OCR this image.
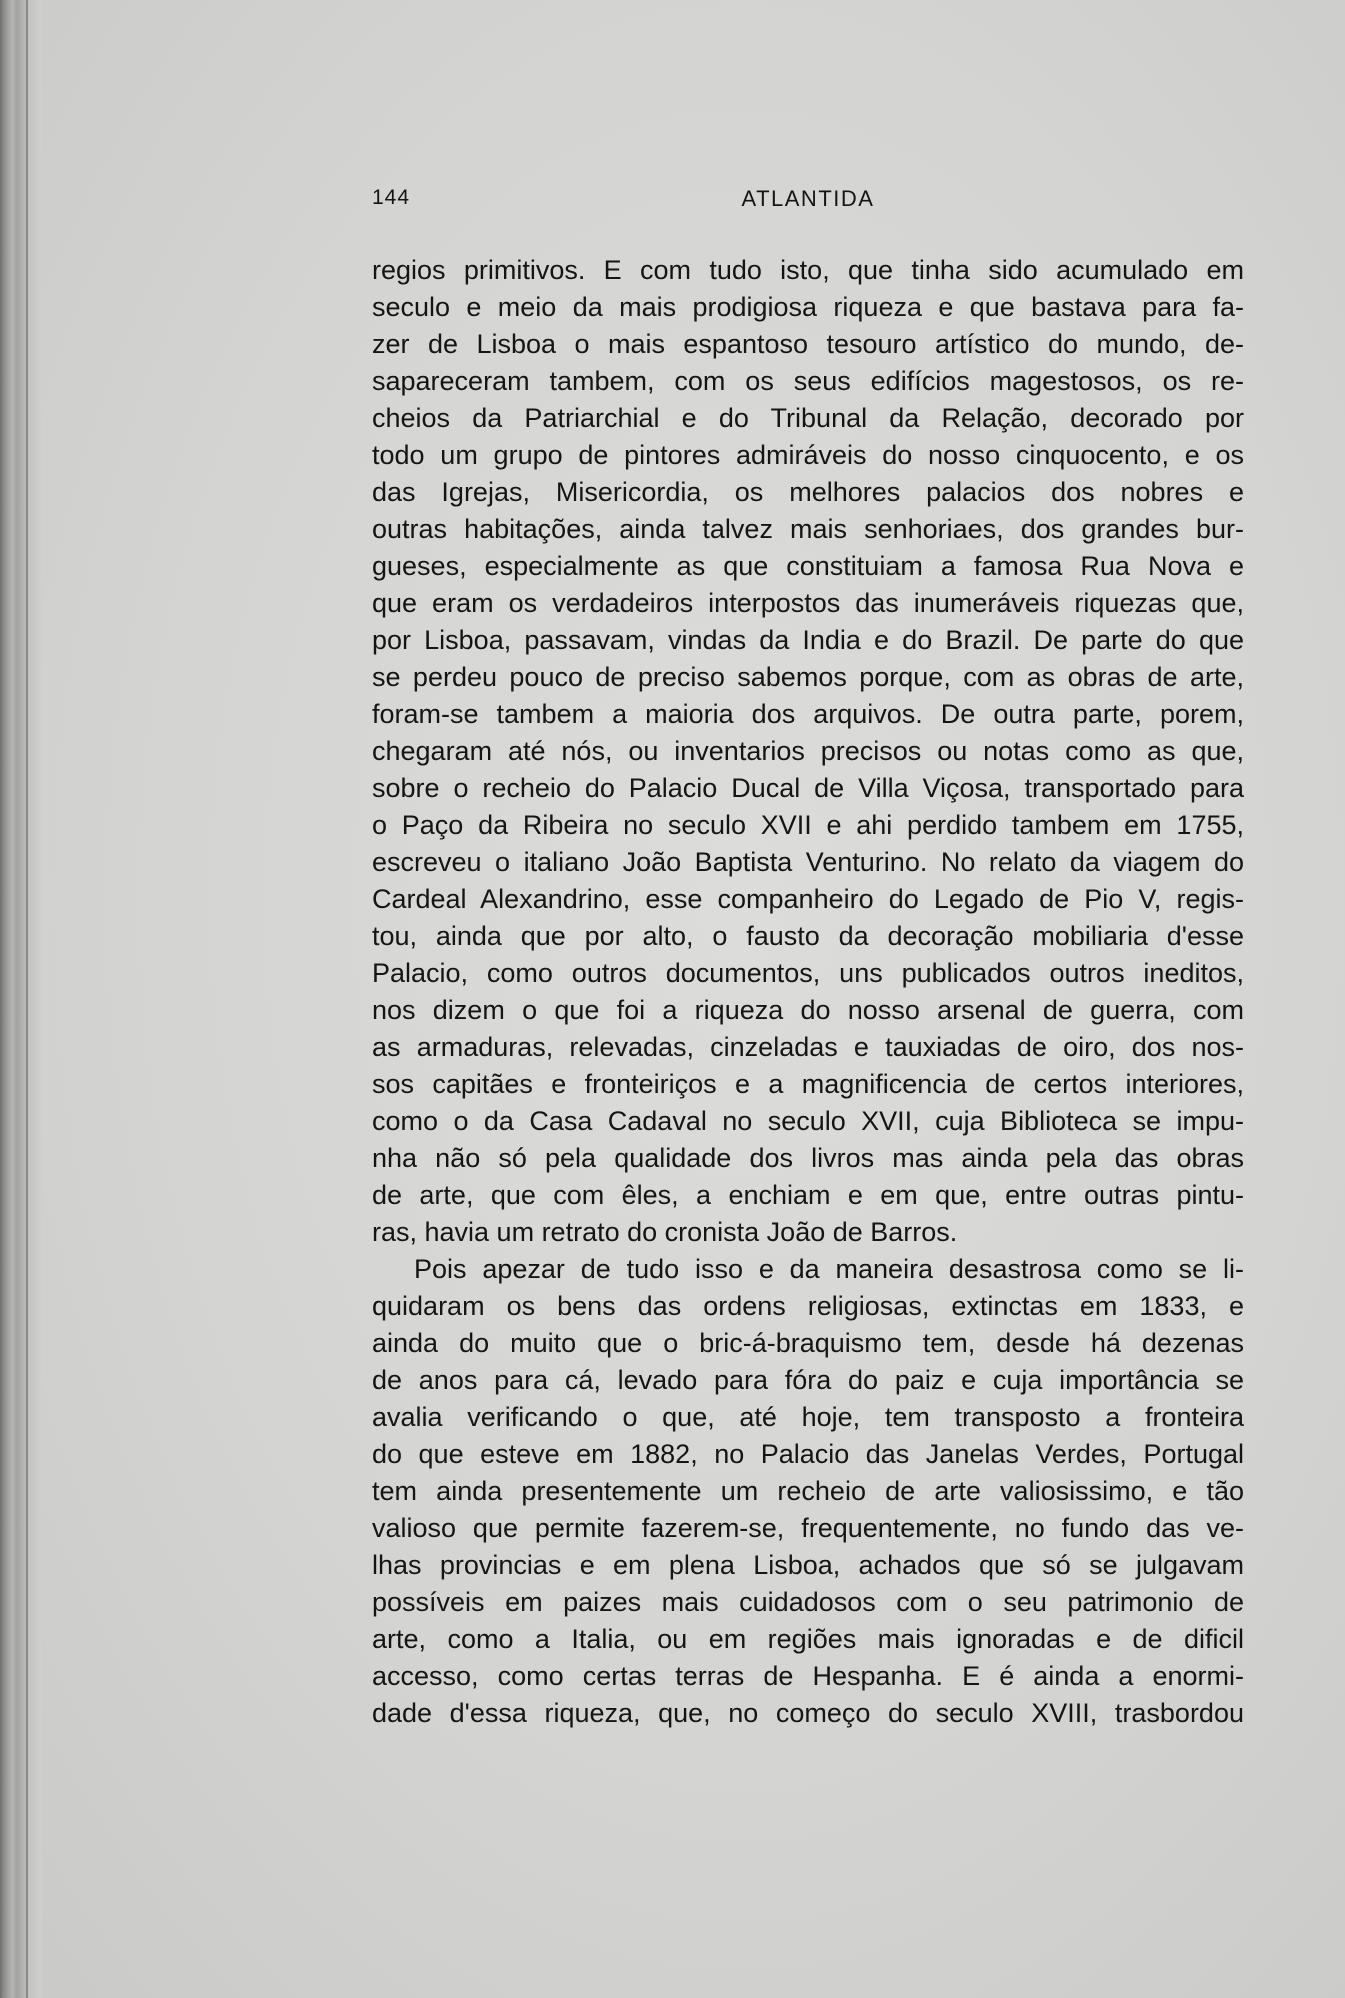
144	ATLANTIDA
regios primitivos. E com tudo isto, que tinha sido acumulado em
seculo e meio da mais prodigiosa riqueza e que bastava para fa-
zer de Lisboa o mais espantoso tesouro artístico do mundo, de-
sapareceram tambem, com os seus edifícios magestosos, os re-
cheios da Patriarchial e do Tribunal da Relação, decorado por
todo um grupo de pintores admiráveis do nosso cinquocento, e os
das Igrejas, Misericordia, os melhores palacios dos nobres e
outras habitações, ainda talvez mais senhoriaes, dos grandes bur-
gueses, especialmente as que constituiam a famosa Rua Nova e
que eram os verdadeiros interpostos das inumeráveis riquezas que,
por Lisboa, passavam, vindas da India e do Brazil. De parte do que
se perdeu pouco de preciso sabemos porque, com as obras de arte,
foram-se tambem a maioria dos arquivos. De outra parte, porem,
chegaram até nós, ou inventarios precisos ou notas como as que,
sobre o recheio do Palacio Ducal de Villa Viçosa, transportado para
o Paço da Ribeira no seculo XVII e ahi perdido tambem em 1755,
escreveu o italiano João Baptista Venturino. No relato da viagem do
Cardeal Alexandrino, esse companheiro do Legado de Pio V, regis-
tou, ainda que por alto, o fausto da decoração mobiliaria d'esse
Palacio, como outros documentos, uns publicados outros ineditos,
nos dizem o que foi a riqueza do nosso arsenal de guerra, com
as armaduras, relevadas, cinzeladas e tauxiadas de oiro, dos nos-
sos capitães e fronteiriços e a magnificencia de certos interiores,
como o da Casa Cadaval no seculo XVII, cuja Biblioteca se impu-
nha não só pela qualidade dos livros mas ainda pela das obras
de arte, que com êles, a enchiam e em que, entre outras pintu-
ras, havia um retrato do cronista João de Barros.
Pois apezar de tudo isso e da maneira desastrosa como se li-
quidaram os bens das ordens religiosas, extinctas em 1833, e
ainda do muito que o bric-á-braquismo tem, desde há dezenas
de anos para cá, levado para fóra do paiz e cuja importância se
avalia verificando o que, até hoje, tem transposto a fronteira
do que esteve em 1882, no Palacio das Janelas Verdes, Portugal
tem ainda presentemente um recheio de arte valiosissimo, e tão
valioso que permite fazerem-se, frequentemente, no fundo das ve-
lhas provincias e em plena Lisboa, achados que só se julgavam
possíveis em paizes mais cuidadosos com o seu patrimonio de
arte, como a Italia, ou em regiões mais ignoradas e de dificil
accesso, como certas terras de Hespanha. E é ainda a enormi-
dade d'essa riqueza, que, no começo do seculo XVIII, trasbordou
